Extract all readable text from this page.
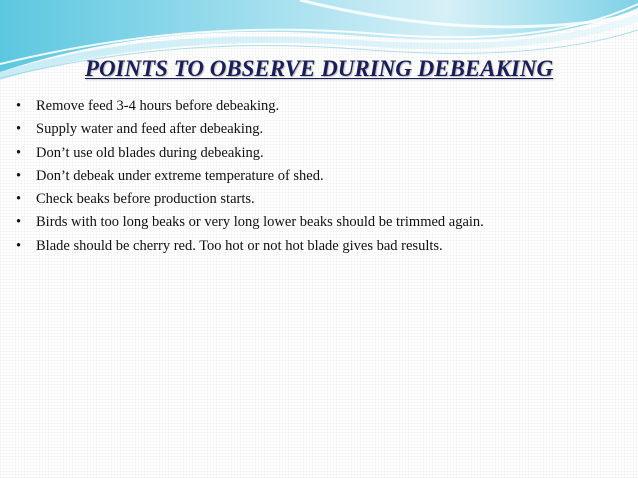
POINTS TO OBSERVE DURING DEBEAKING
• Remove feed 3-4 hours before debeaking.
• Supply water and feed after debeaking.
• Don’t use old blades during debeaking.
• Don’t debeak under extreme temperature of shed.
• Check beaks before production starts.
• Birds with too long beaks or very long lower beaks should be trimmed again.
• Blade should be cherry red. Too hot or not hot blade gives bad results.
